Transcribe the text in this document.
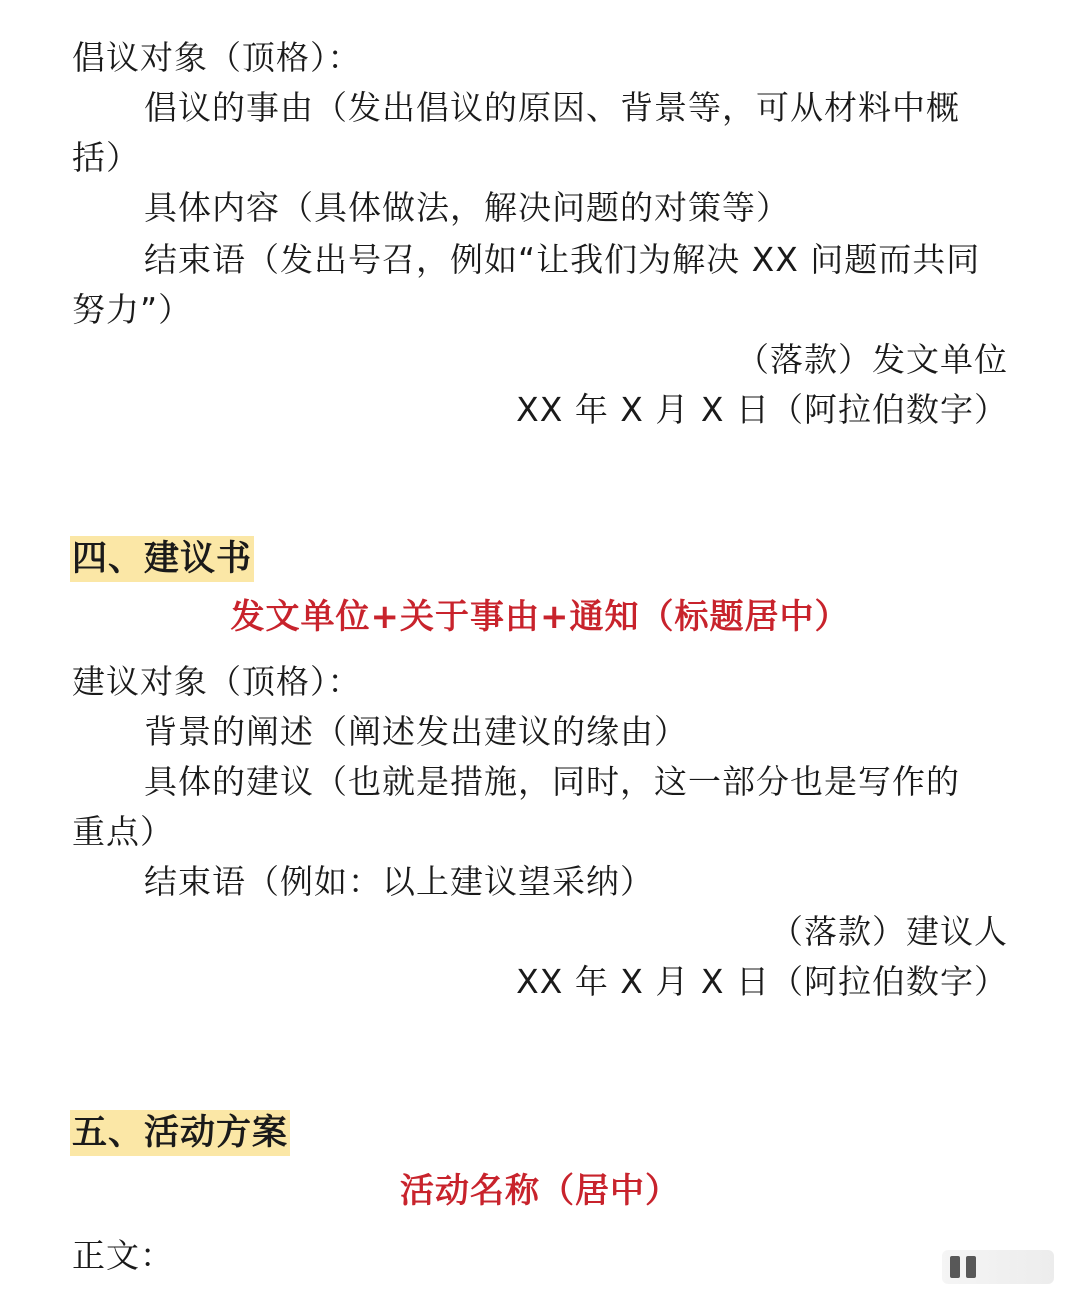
倡议对象（顶格）：
倡议的事由（发出倡议的原因、背景等，可从材料中概
括）
具体内容（具体做法，解决问题的对策等）
结束语（发出号召，例如“让我们为解决 XX 问题而共同
努力”）
（落款）发文单位
XX 年 X 月 X 日（阿拉伯数字）
四、建议书
发文单位+关于事由+通知（标题居中）
建议对象（顶格）：
背景的阐述（阐述发出建议的缘由）
具体的建议（也就是措施，同时，这一部分也是写作的
重点）
结束语（例如：以上建议望采纳）
（落款）建议人
XX 年 X 月 X 日（阿拉伯数字）
五、活动方案
活动名称（居中）
正文：
